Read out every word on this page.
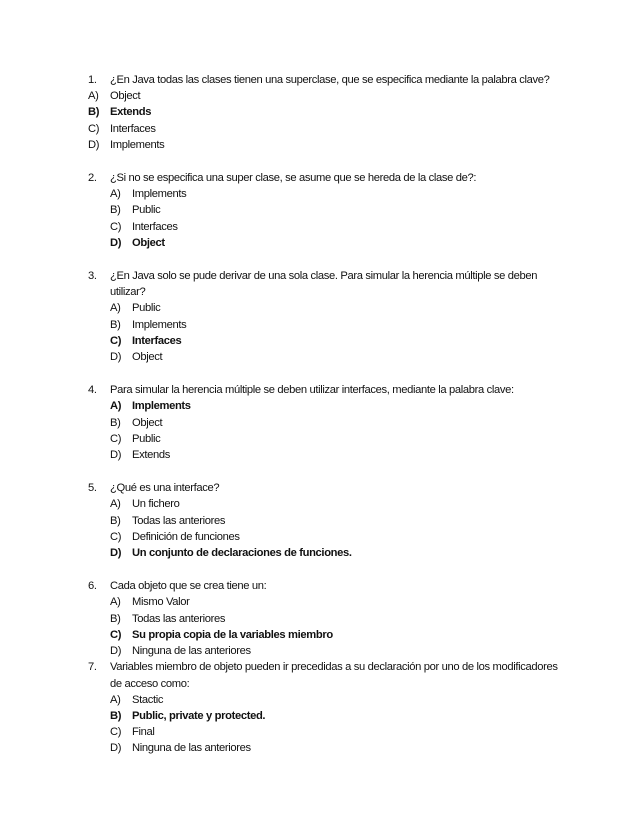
1.	¿En Java todas las clases tienen una superclase, que se especifica mediante la palabra clave?
A)	Object
B) Extends
C) Interfaces
D) Implements
2.	¿Si no se especifica una super clase, se asume que se hereda de la clase de?:
A)	Implements
B)	Public
C) Interfaces
D) Object
3.	¿En Java solo se pude derivar de una sola clase. Para simular la herencia múltiple se deben utilizar?
A)	Public
B)	Implements
C) Interfaces
D) Object
4.	Para simular la herencia múltiple se deben utilizar interfaces, mediante la palabra clave:
A) Implements
B)	Object
C) Public
D) Extends
5.	¿Qué es una interface?
A)	Un fichero
B)	Todas las anteriores
C) Definición de funciones
D) Un conjunto de declaraciones de funciones.
6.	Cada objeto que se crea tiene un:
A)	Mismo Valor
B)	Todas las anteriores
C) Su propia copia de la variables miembro
D) Ninguna de las anteriores
7.	Variables miembro de objeto pueden ir precedidas a su declaración por uno de los modificadores de acceso como:
A)	Stactic
B) Public, private y protected.
C) Final
D) Ninguna de las anteriores
